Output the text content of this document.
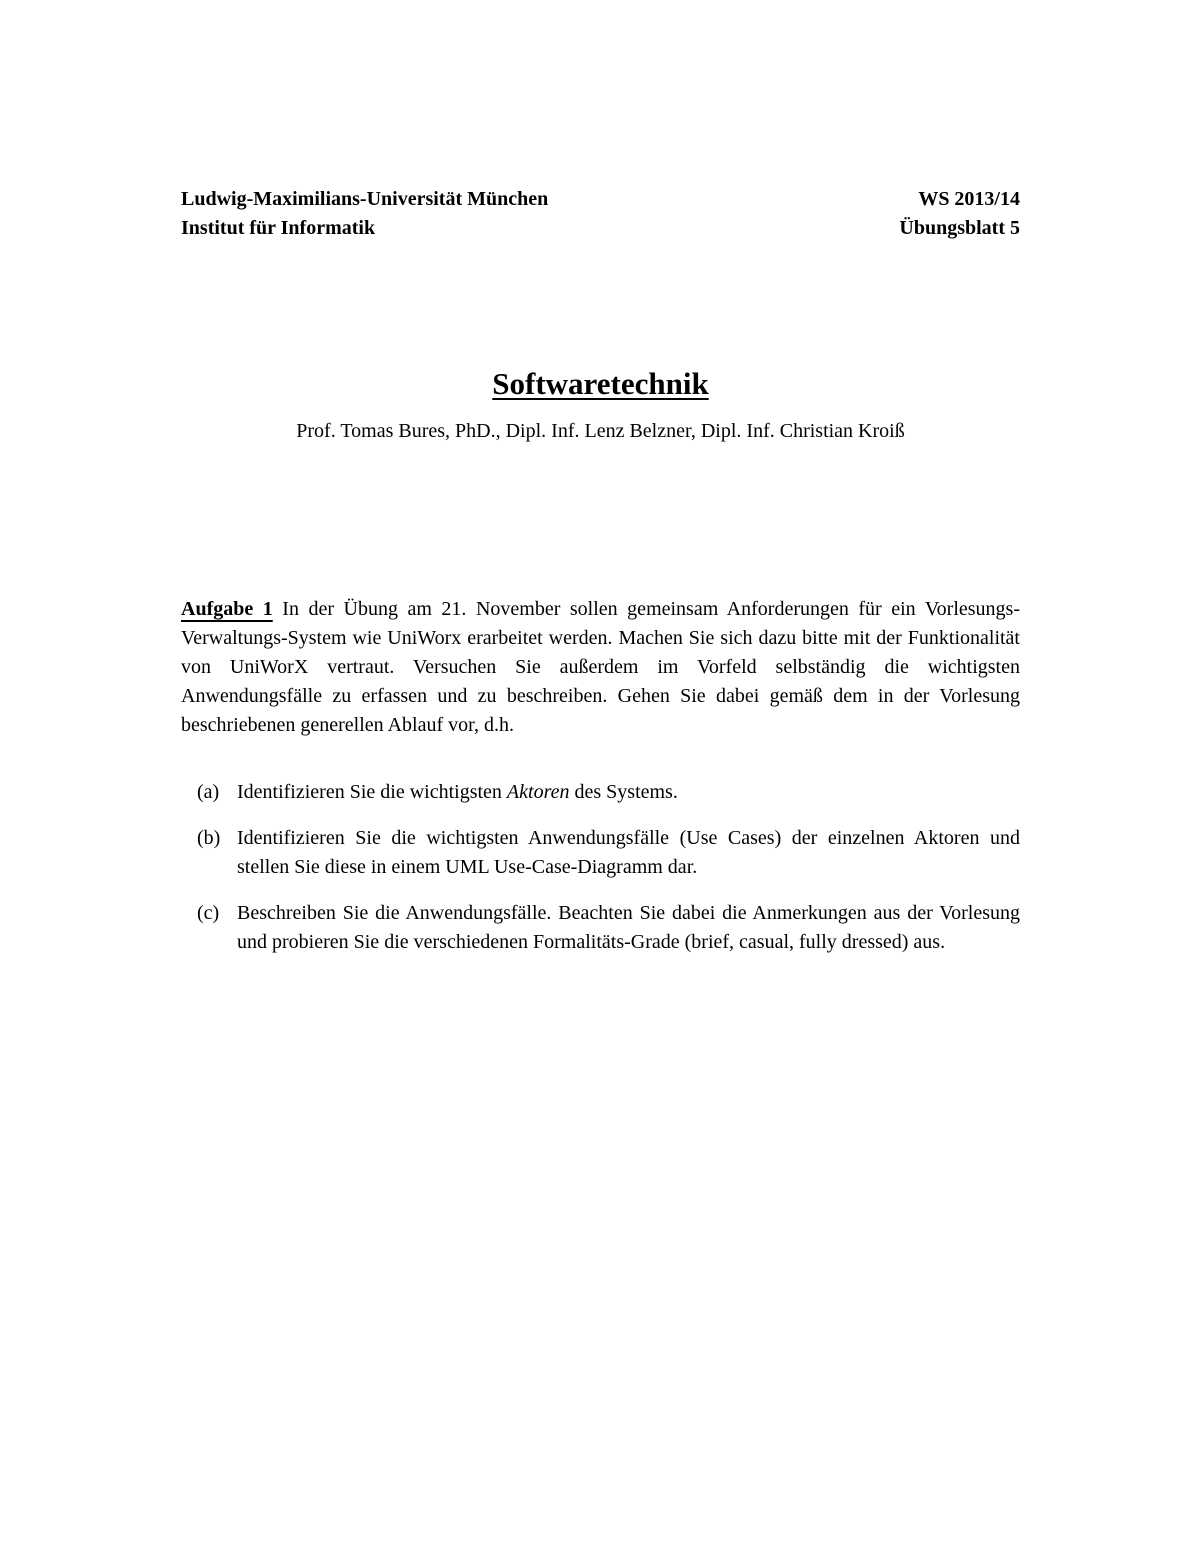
Ludwig-Maximilians-Universität München	WS 2013/14
Institut für Informatik	Übungsblatt 5
Softwaretechnik
Prof. Tomas Bures, PhD., Dipl. Inf. Lenz Belzner, Dipl. Inf. Christian Kroiß
Aufgabe 1 In der Übung am 21. November sollen gemeinsam Anforderungen für ein Vorlesungs-Verwaltungs-System wie UniWorx erarbeitet werden. Machen Sie sich dazu bitte mit der Funktionalität von UniWorX vertraut. Versuchen Sie außerdem im Vorfeld selbständig die wichtigsten Anwendungsfälle zu erfassen und zu beschreiben. Gehen Sie dabei gemäß dem in der Vorlesung beschriebenen generellen Ablauf vor, d.h.
(a) Identifizieren Sie die wichtigsten Aktoren des Systems.
(b) Identifizieren Sie die wichtigsten Anwendungsfälle (Use Cases) der einzelnen Aktoren und stellen Sie diese in einem UML Use-Case-Diagramm dar.
(c) Beschreiben Sie die Anwendungsfälle. Beachten Sie dabei die Anmerkungen aus der Vorlesung und probieren Sie die verschiedenen Formalitäts-Grade (brief, casual, fully dressed) aus.
